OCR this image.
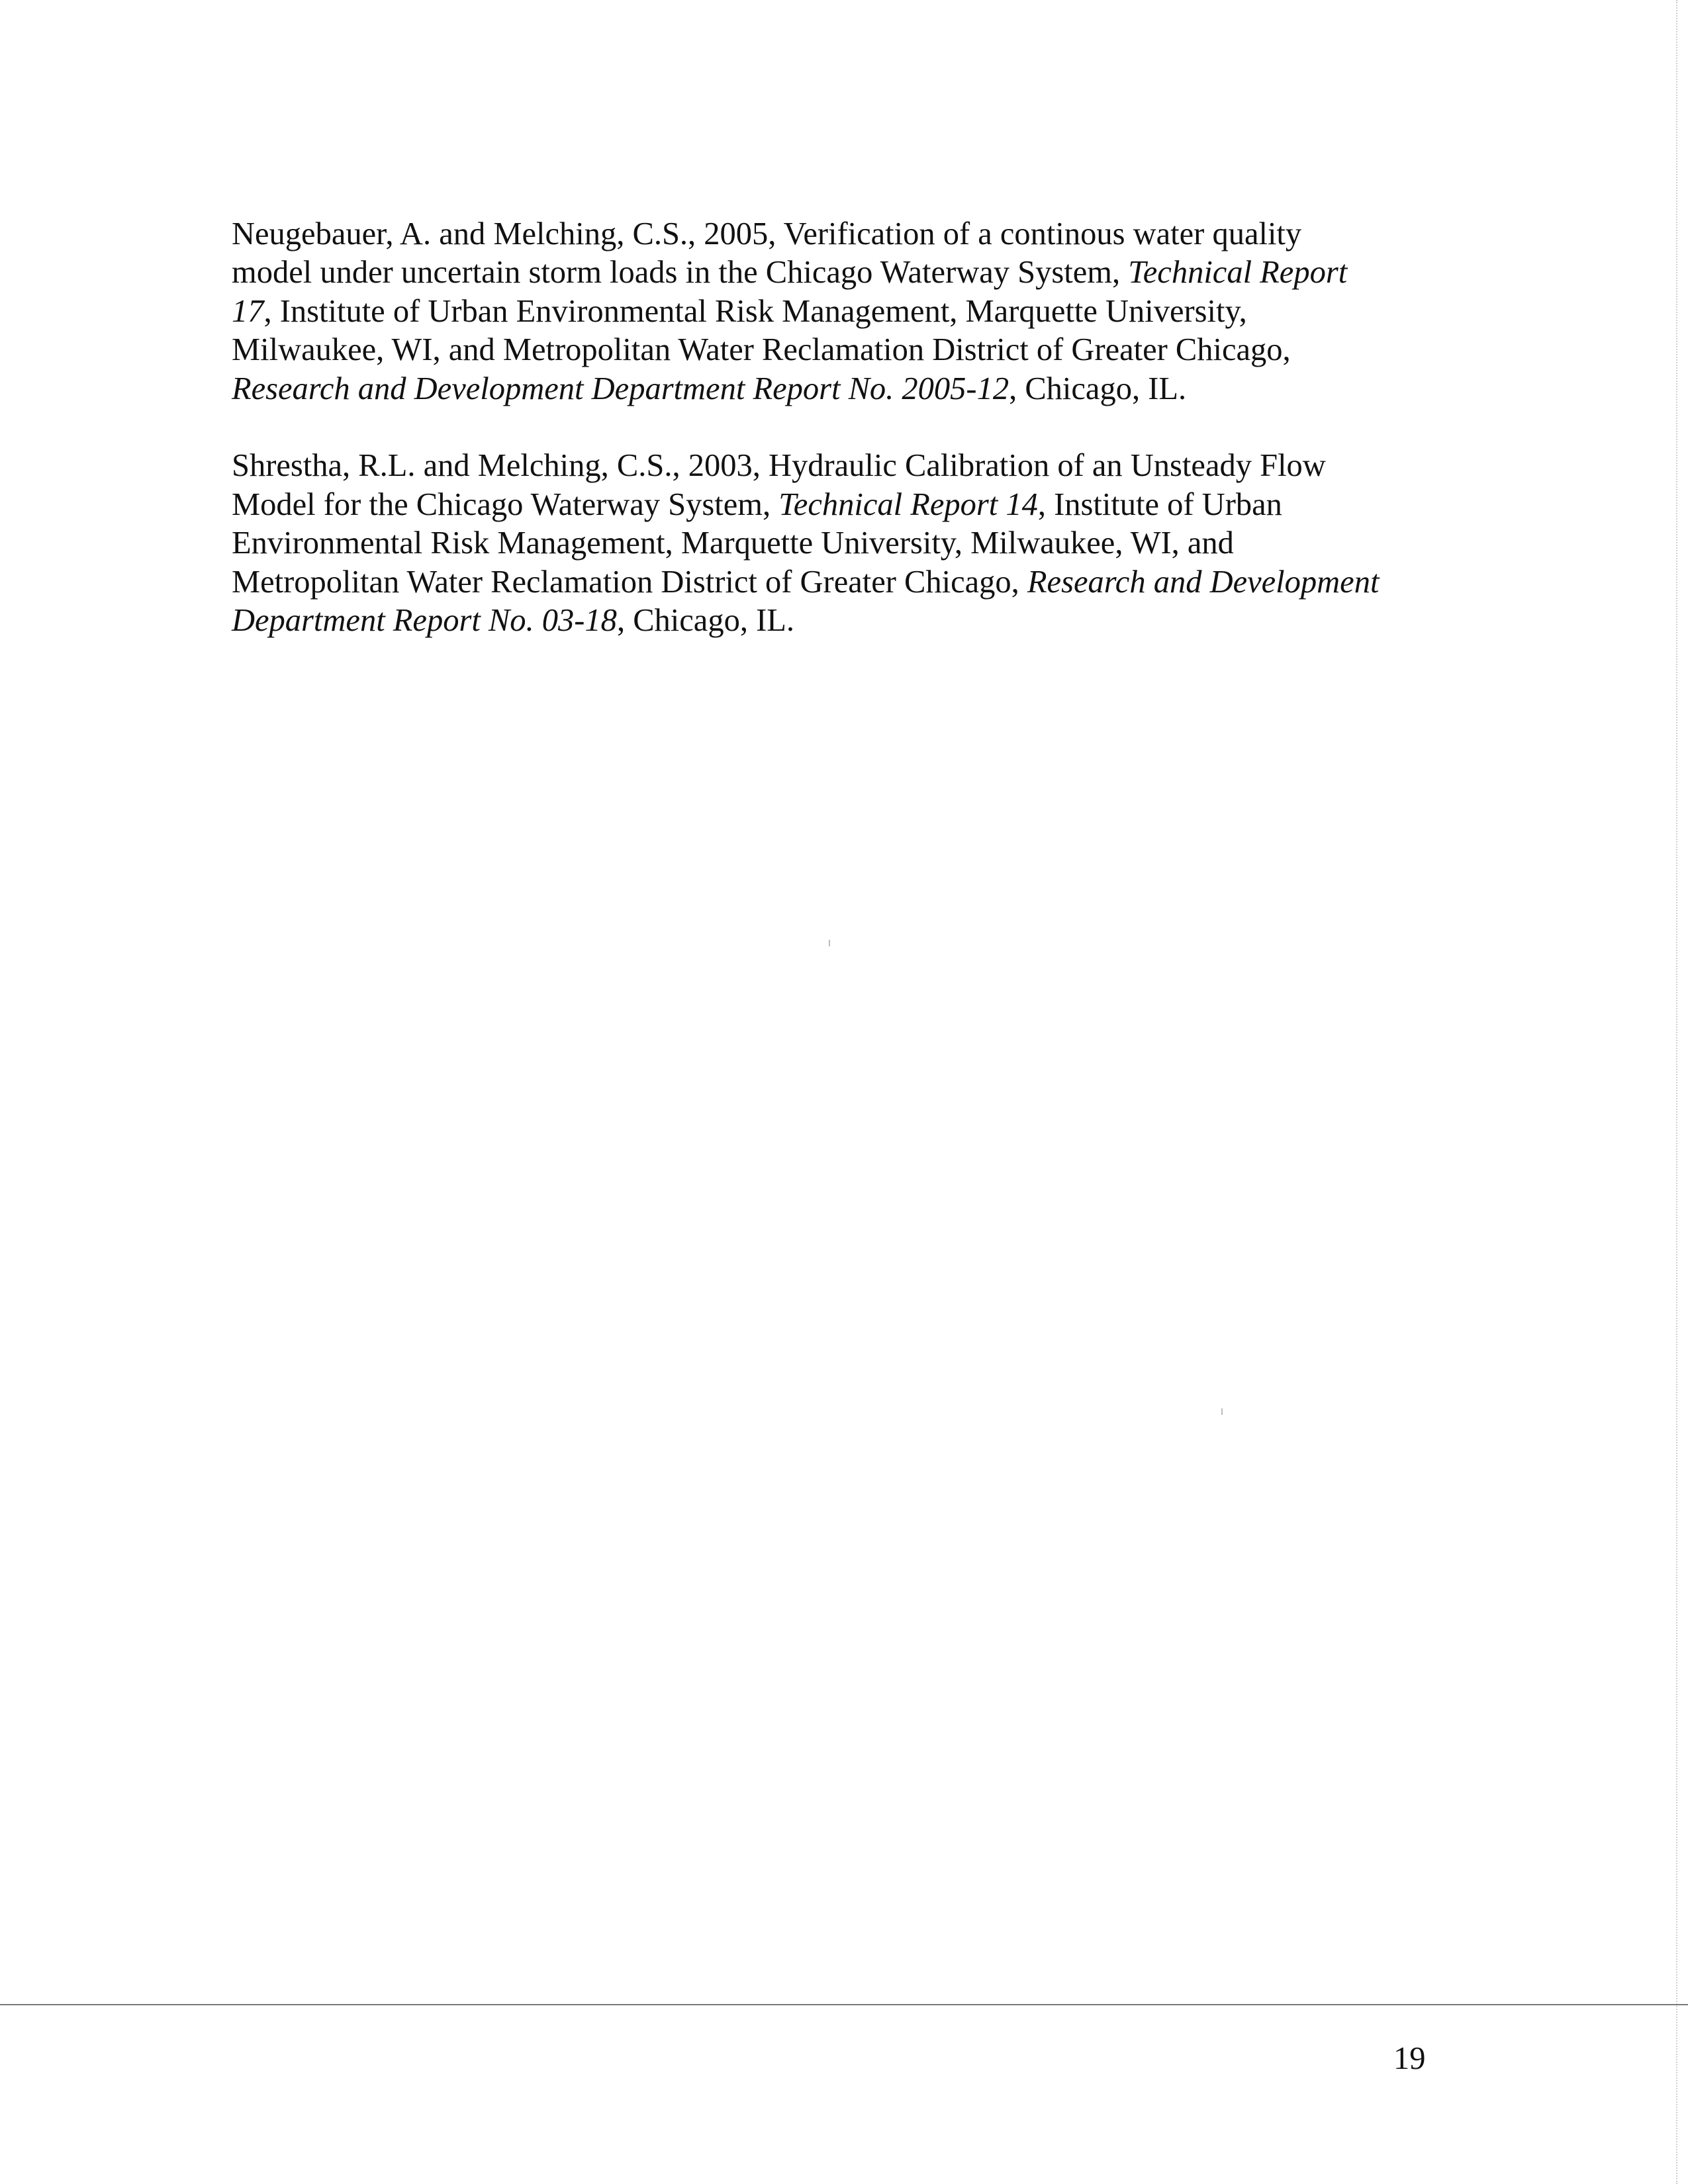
Neugebauer, A. and Melching, C.S., 2005, Verification of a continous water quality
model under uncertain storm loads in the Chicago Waterway System, Technical Report
17, Institute of Urban Environmental Risk Management, Marquette University,
Milwaukee, WI, and Metropolitan Water Reclamation District of Greater Chicago,
Research and Development Department Report No. 2005-12, Chicago, IL.

Shrestha, R.L. and Melching, C.S., 2003, Hydraulic Calibration of an Unsteady Flow
Model for the Chicago Waterway System, Technical Report 14, Institute of Urban
Environmental Risk Management, Marquette University, Milwaukee, WI, and
Metropolitan Water Reclamation District of Greater Chicago, Research and Development
Department Report No. 03-18, Chicago, IL.

19
